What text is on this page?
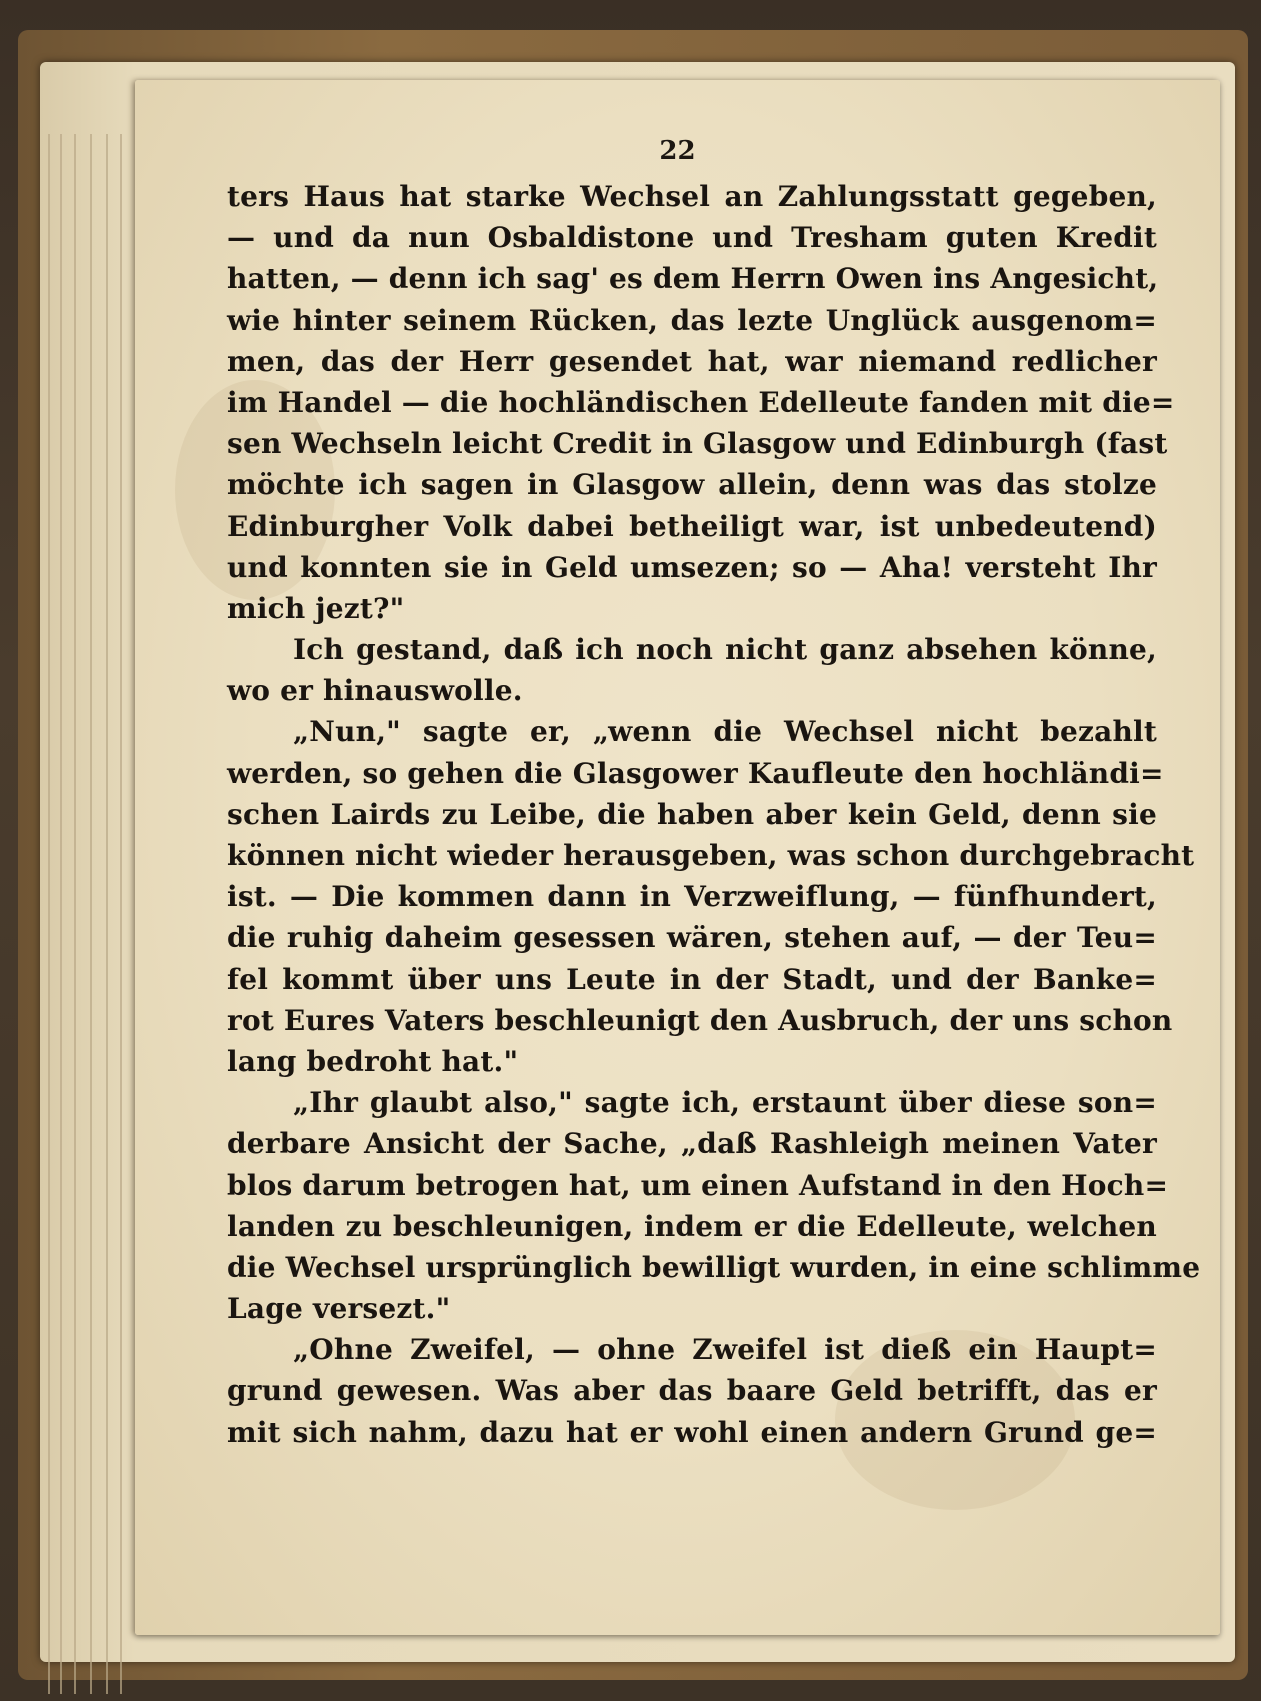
22

ters Haus hat starke Wechsel an Zahlungsstatt gegeben,
— und da nun Osbaldistone und Tresham guten Kredit
hatten, — denn ich sag' es dem Herrn Owen ins Angesicht,
wie hinter seinem Rücken, das lezte Unglück ausgenom=
men, das der Herr gesendet hat, war niemand redlicher
im Handel — die hochländischen Edelleute fanden mit die=
sen Wechseln leicht Credit in Glasgow und Edinburgh (fast
möchte ich sagen in Glasgow allein, denn was das stolze
Edinburgher Volk dabei betheiligt war, ist unbedeutend)
und konnten sie in Geld umsezen; so — Aha! versteht Ihr
mich jezt?"
Ich gestand, daß ich noch nicht ganz absehen könne,
wo er hinauswolle.
„Nun," sagte er, „wenn die Wechsel nicht bezahlt
werden, so gehen die Glasgower Kaufleute den hochländi=
schen Lairds zu Leibe, die haben aber kein Geld, denn sie
können nicht wieder herausgeben, was schon durchgebracht
ist. — Die kommen dann in Verzweiflung, — fünfhundert,
die ruhig daheim gesessen wären, stehen auf, — der Teu=
fel kommt über uns Leute in der Stadt, und der Banke=
rot Eures Vaters beschleunigt den Ausbruch, der uns schon
lang bedroht hat."
„Ihr glaubt also," sagte ich, erstaunt über diese son=
derbare Ansicht der Sache, „daß Rashleigh meinen Vater
blos darum betrogen hat, um einen Aufstand in den Hoch=
landen zu beschleunigen, indem er die Edelleute, welchen
die Wechsel ursprünglich bewilligt wurden, in eine schlimme
Lage versezt."
„Ohne Zweifel, — ohne Zweifel ist dieß ein Haupt=
grund gewesen. Was aber das baare Geld betrifft, das er
mit sich nahm, dazu hat er wohl einen andern Grund ge=
